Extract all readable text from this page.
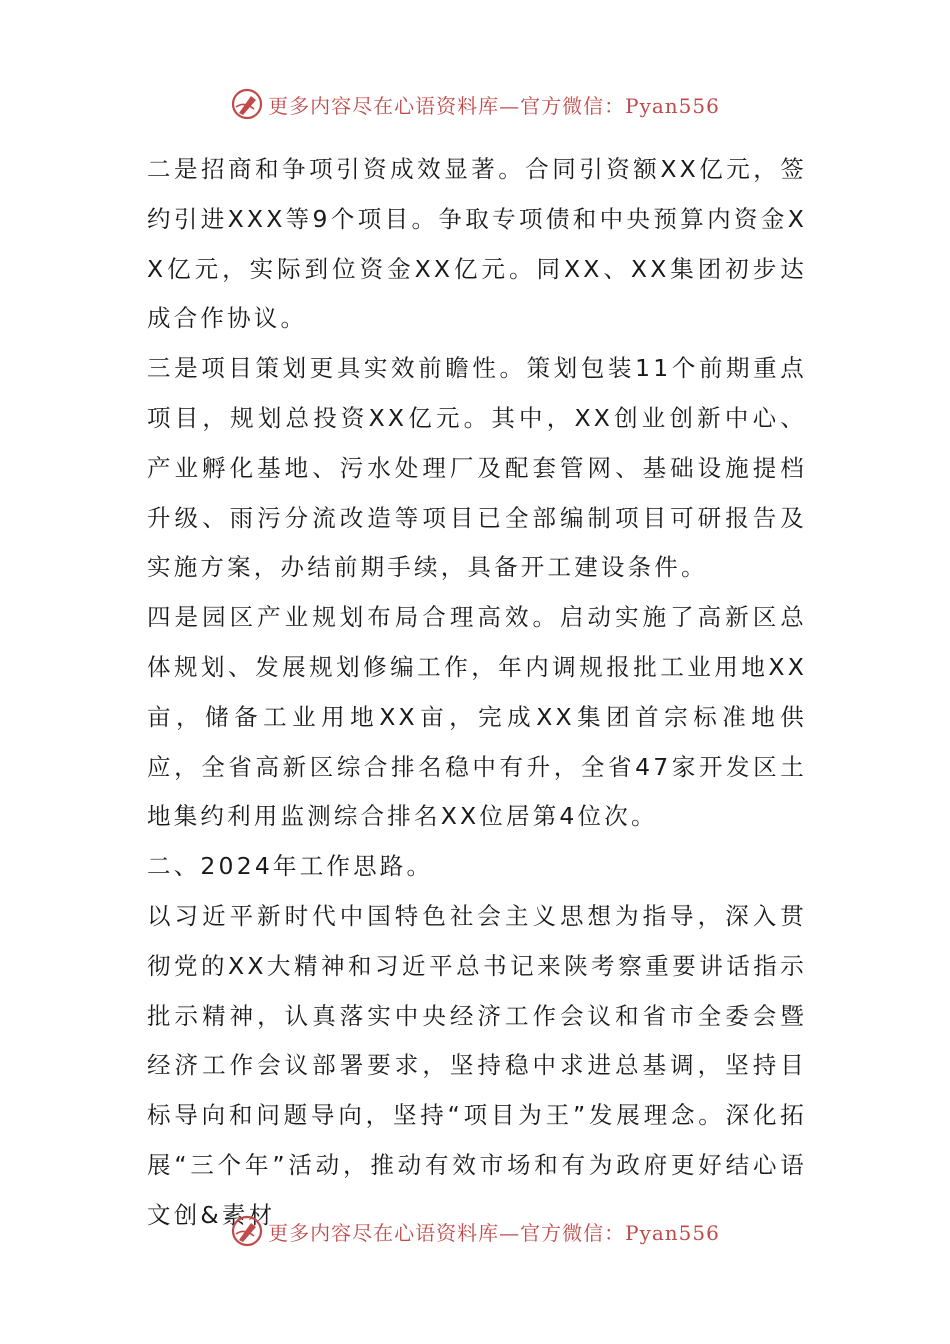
更多内容尽在心语资料库—官方微信：Pyan556

二是招商和争项引资成效显著。合同引资额XX亿元，签约引进XXX等9个项目。争取专项债和中央预算内资金XX亿元，实际到位资金XX亿元。同XX、XX集团初步达成合作协议。

三是项目策划更具实效前瞻性。策划包装11个前期重点项目，规划总投资XX亿元。其中，XX创业创新中心、产业孵化基地、污水处理厂及配套管网、基础设施提档升级、雨污分流改造等项目已全部编制项目可研报告及实施方案，办结前期手续，具备开工建设条件。

四是园区产业规划布局合理高效。启动实施了高新区总体规划、发展规划修编工作，年内调规报批工业用地XX亩，储备工业用地XX亩，完成XX集团首宗标准地供应，全省高新区综合排名稳中有升，全省47家开发区土地集约利用监测综合排名XX位居第4位次。

二、2024年工作思路。

以习近平新时代中国特色社会主义思想为指导，深入贯彻党的XX大精神和习近平总书记来陕考察重要讲话指示批示精神，认真落实中央经济工作会议和省市全委会暨经济工作会议部署要求，坚持稳中求进总基调，坚持目标导向和问题导向，坚持“项目为王”发展理念。深化拓展“三个年”活动，推动有效市场和有为政府更好结心语文创&素材

更多内容尽在心语资料库—官方微信：Pyan556
